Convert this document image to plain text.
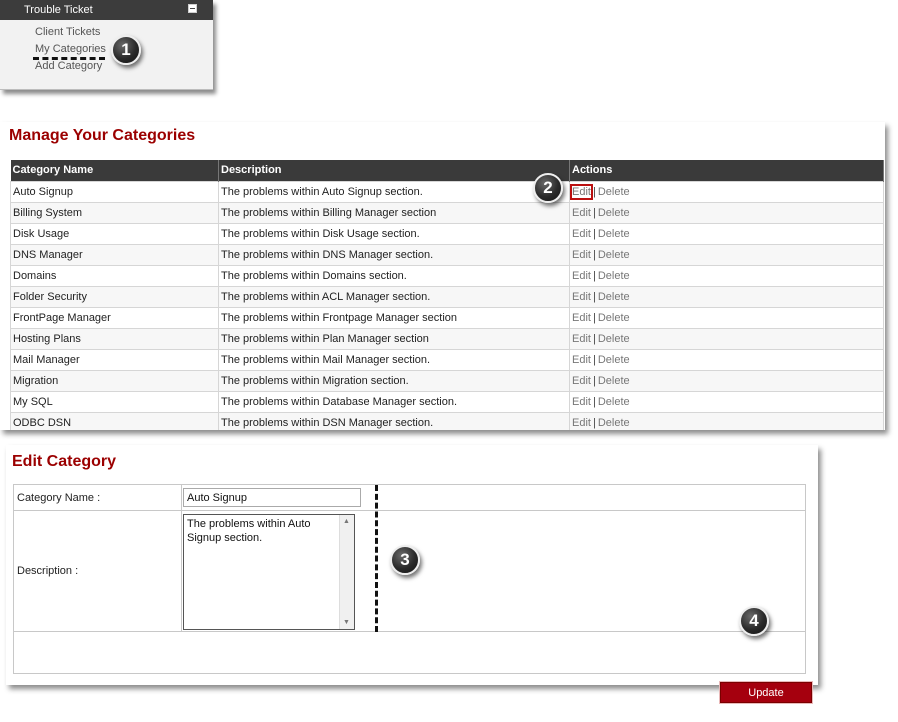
Trouble Ticket
Client Tickets
My Categories
Add Category
1
Manage Your Categories
Category Name	Description	Actions
Auto Signup	The problems within Auto Signup section.	Edit | Delete
Billing System	The problems within Billing Manager section	Edit | Delete
Disk Usage	The problems within Disk Usage section.	Edit | Delete
DNS Manager	The problems within DNS Manager section.	Edit | Delete
Domains	The problems within Domains section.	Edit | Delete
Folder Security	The problems within ACL Manager section.	Edit | Delete
FrontPage Manager	The problems within Frontpage Manager section	Edit | Delete
Hosting Plans	The problems within Plan Manager section	Edit | Delete
Mail Manager	The problems within Mail Manager section.	Edit | Delete
Migration	The problems within Migration section.	Edit | Delete
My SQL	The problems within Database Manager section.	Edit | Delete
ODBC DSN	The problems within DSN Manager section.	Edit | Delete
2
Edit Category
Category Name :
Auto Signup
Description :
The problems within Auto Signup section.
▲
▼
Update Category
3
4
